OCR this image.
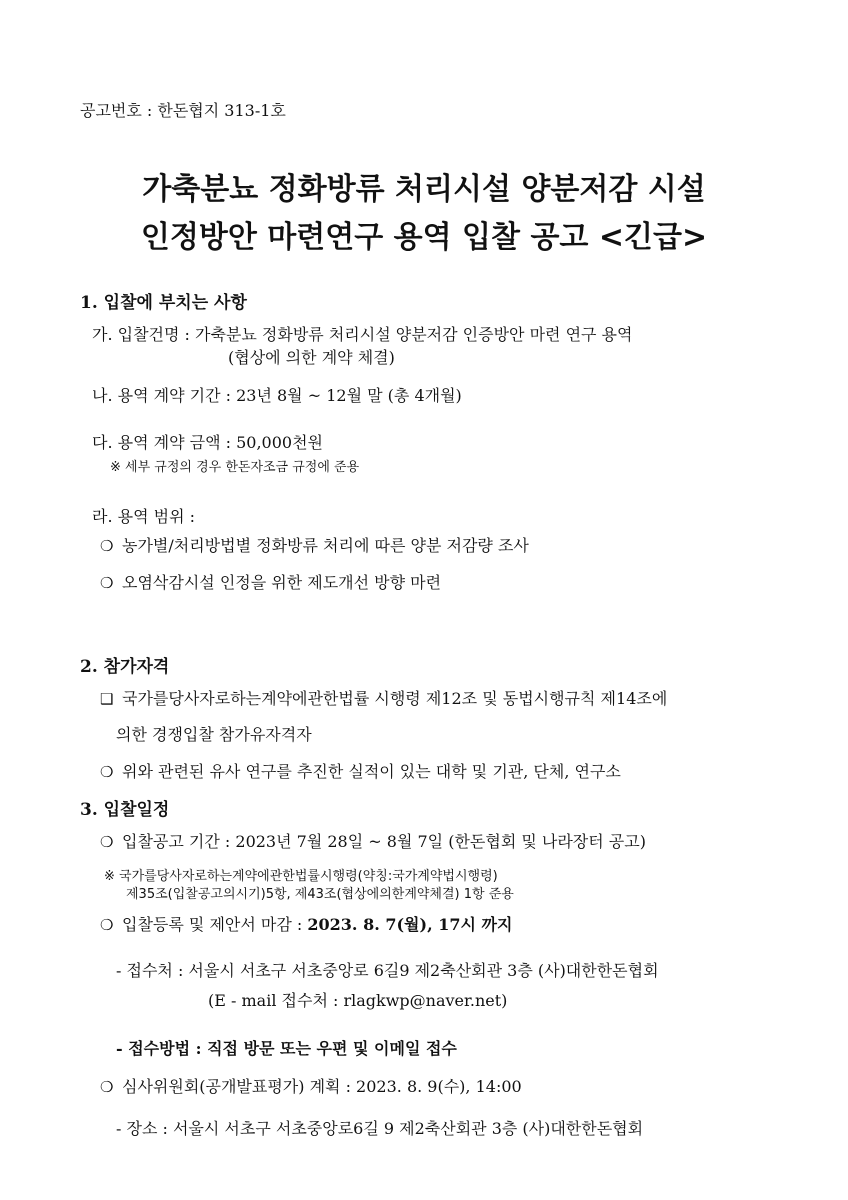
공고번호 : 한돈협지 313-1호
가축분뇨 정화방류 처리시설 양분저감 시설
인정방안 마련연구 용역 입찰 공고 <긴급>
1. 입찰에 부치는 사항
가. 입찰건명 : 가축분뇨 정화방류 처리시설 양분저감 인증방안 마련 연구 용역
(협상에 의한 계약 체결)
나. 용역 계약 기간 : 23년 8월 ~ 12월 말 (총 4개월)
다. 용역 계약 금액 : 50,000천원
※ 세부 규정의 경우 한돈자조금 규정에 준용
라. 용역 범위 :
❍ 농가별/처리방법별 정화방류 처리에 따른 양분 저감량 조사
❍ 오염삭감시설 인정을 위한 제도개선 방향 마련
2. 참가자격
❑ 국가를당사자로하는계약에관한법률 시행령 제12조 및 동법시행규칙 제14조에
의한 경쟁입찰 참가유자격자
❍ 위와 관련된 유사 연구를 추진한 실적이 있는 대학 및 기관, 단체, 연구소
3. 입찰일정
❍ 입찰공고 기간 : 2023년 7월 28일 ~ 8월 7일 (한돈협회 및 나라장터 공고)
※ 국가를당사자로하는계약에관한법률시행령(약칭:국가계약법시행령)
제35조(입찰공고의시기)5항, 제43조(협상에의한계약체결) 1항 준용
❍ 입찰등록 및 제안서 마감 : 2023. 8. 7(월), 17시 까지
- 접수처 : 서울시 서초구 서초중앙로 6길9 제2축산회관 3층 (사)대한한돈협회
(E - mail 접수처 : rlagkwp@naver.net)
- 접수방법 : 직접 방문 또는 우편 및 이메일 접수
❍ 심사위원회(공개발표평가) 계획 : 2023. 8. 9(수), 14:00
- 장소 : 서울시 서초구 서초중앙로6길 9 제2축산회관 3층 (사)대한한돈협회
